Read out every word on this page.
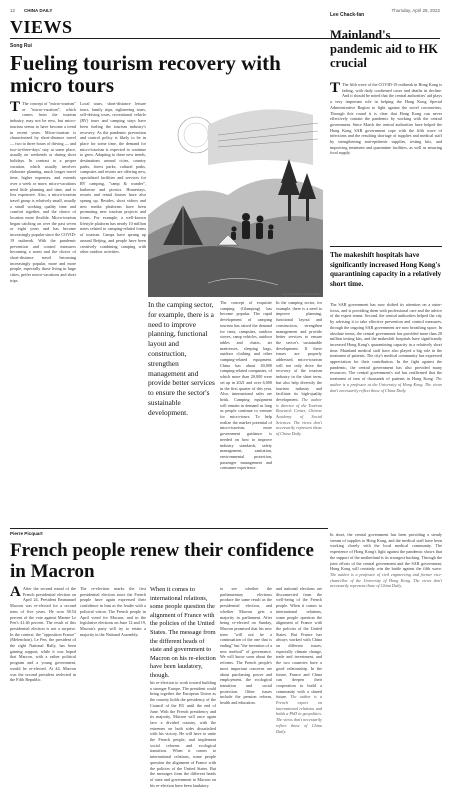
12 CHINA DAILY	Thursday, April 28, 2022
VIEWS
Song Rui
Fueling tourism recovery with micro tours
T The concept of "micro-tourism" or "micro-vacation", which comes from the tourism industry, may not be new, but micro-tourism seems to have become a trend in recent years. Micro-tourism is characterized by short-distance travel — two to three hours of driving — and two-to-three-days' stay at some place, usually on weekends or during short holidays. In contrast to a proper vacation, which usually involves elaborate planning, much longer travel time, higher expenses, and extends over a week or more, micro-vacations need little planning and time, and is less expensive. Also, a micro-tourism travel group is relatively small, usually a small working quality time and comfort together, and the choice of location more flexible. Micro-tourism began catching on over the past seven or eight years and has become increasingly popular since the COVID-19 outbreak. With the pandemic prevention and control measures becoming a norm and the choice of short-distance travel becoming increasingly popular, more and more people, especially those living in large cities, prefer micro-vacations and short trips.
Local tours, short-distance leisure tours, family trips, sightseeing tours, self-driving tours, recreational vehicle (RV) tours and camping stays have been fueling the tourism industry's recovery. As the pandemic prevention and control policy is likely to be in place for some time, the demand for micro-tourism is expected to continue to grow. Adapting to these new trends, destinations around cities, country parks, forest parks, cultural parks, campsites and resorts are offering new, specialized facilities and services for RV camping, "camp & wander", barbecue and picnics. Homestays, resorts and rental houses have also sprung up. Besides, short videos and new media platforms have been promoting new tourism projects and forms. For example, a well-known lifestyle platform has nearly 10 million notes related to camping-related forms of tourism. Camps have sprung up around Beijing, and people have been creatively combining camping with other outdoor activities.
MA XUEJING / CHINA DAILY
In the camping sector, for example, there is a need to improve planning, functional layout and construction, strengthen management and provide better services to ensure the sector's sustainable development.
The concept of exquisite camping (Glamping) has become popular. The rapid development of camping tourism has raised the demand for tents, campsites, outdoor stoves, camp vehicles, outdoor tables and chairs, air mattresses, sleeping bags, outdoor clothing and other camping-related equipment. China has about 40,000 camping-related companies, of which more than 20,000 were set up in 2021 and over 6,000 in the first quarter of this year. Also, international sales are brisk. Camping equipment will remain in demand as long as people continue to venture for micro-tours. To help realize the market potential of micro-tourism, more government guidance is needed on how to improve industry standards, safety management, sanitation, environmental protection, passenger management and consumer experience.
In the camping sector, for example, there is a need to improve planning, functional layout and construction, strengthen management and provide better services to ensure the sector's sustainable development. If these issues are properly addressed, micro-tourism will not only drive the recovery of the tourism industry in the short term, but also help diversify the tourism industry and facilitate its high-quality development. The author is director of the Tourism Research Center, Chinese Academy of Social Sciences. The views don't necessarily represent those of China Daily.
Lee Chack-fan
Mainland's pandemic aid to HK crucial
T The fifth wave of the COVID-19 outbreak in Hong Kong is fading, with daily confirmed cases and deaths in decline. And it should be noted that the central authorities' aid plays a very important role in helping the Hong Kong Special Administrative Region to fight against the novel coronavirus. Through this round it is clear that Hong Kong can never effectively contain the pandemic by working with the central government. Since March the central authorities have helped the Hong Kong SAR government cope with the fifth wave of infections and the resulting shortage of supplies and medical staff by strengthening anti-epidemic supplies, testing kits, and improving treatment and quarantine facilities, as well as ensuring food supply.
The makeshift hospitals have significantly increased Hong Kong's quarantining capacity in a relatively short time.
The SAR government has now shifted its attention on a outer-focus, and is providing them with professional care and the advice of the expert teams. Second, the central authorities helped the city by advising it to take effective prevention and control measures, through the ongoing SAR government are now breathing space. In absolute terms, the central government has provided more than 20 million testing kits, and the makeshift hospitals have significantly increased Hong Kong's quarantining capacity in a relatively short time. Mainland medical staff have also played a big role in the treatment of patients. The city's medical community has expressed appreciation for their contribution. In the fight against the pandemic, the central government has also provided many resources. The central government's aid has reaffirmed that the treatment of tens of thousands of patients in Hong Kong. The author is a professor at the University of Hong Kong. The views don't necessarily reflect those of China Daily.
Pierre Picquart
French people renew their confidence in Macron
A After the second round of the French presidential election on April 24, President Emmanuel Macron was re-elected for a second term of five years. He won 58.54 percent of the vote against Marine Le Pen's 41.46 percent. The result of this presidential election is not a surprise. In the context, the "opposition France" (Melenchon), Le Pen, the president of the right National Rally, has been gaining support, while it was hoped that Macron, with a rather political program and a young government, would be re-elected. At 44, Macron was the second president reelected in the Fifth Republic.
The re-election marks the first presidential election since the French people have again expressed their confidence in him as the leader with a political vision. The French people in April voted for Macron, and in the legislative elections on June 12 and 19, Macron's party will try to retain a majority in the National Assembly.
When it comes to international relations, some people question the alignment of France with the policies of the United States. The message from the different heads of state and government to Macron on his re-election have been laudatory, though.
his re-election to work toward building a stronger Europe. The president could bring together the European Union as the country holds the presidency of the Council of the EU until the end of June. With the French presidency and its majority, Macron will once again face a divided country, with the extremes on both sides dissatisfied with his victory. He will have to unite the French people, and implement social reforms and ecological transition. When it comes to international relations, some people question the alignment of France with the policies of the United States. But the messages from the different heads of state and government to Macron on his re-election have been laudatory.
to see whether the parliamentary elections produce the same result as the presidential election, and whether Macron gets a majority in parliament. After being re-elected on Sunday, Macron promised that his new term "will not be a continuation of the one that is ending" but "the invention of a new method" of governance. We will know soon about the reforms. The French people's most important concerns are about purchasing power and employment, the ecological transition and social protection. Other issues include the pension reform, health and education.
and national elections are disconnected from the well-being of the French people. When it comes to international relations, some people question the alignment of France with the policies of the United States. But France has always worked with China on different issues, especially climate change, trade and investment, and the two countries have a good relationship. In the future, France and China can deepen their cooperation to build a community with a shared future. The author is a French expert on international relations and holds a PhD in geopolitics. The views don't necessarily reflect those of China Daily.
In short, the central government has been providing a steady stream of supplies to Hong Kong, and the medical staff have been working closely with the local medical community. The experience of Hong Kong's fight against the pandemic shows that the support of the motherland is its strongest backing. Through the joint efforts of the central government and the SAR government, Hong Kong will certainly win the battle against the fifth wave. The author is a professor of civil engineering and former vice-chancellor of the University of Hong Kong. The views don't necessarily represent those of China Daily.
